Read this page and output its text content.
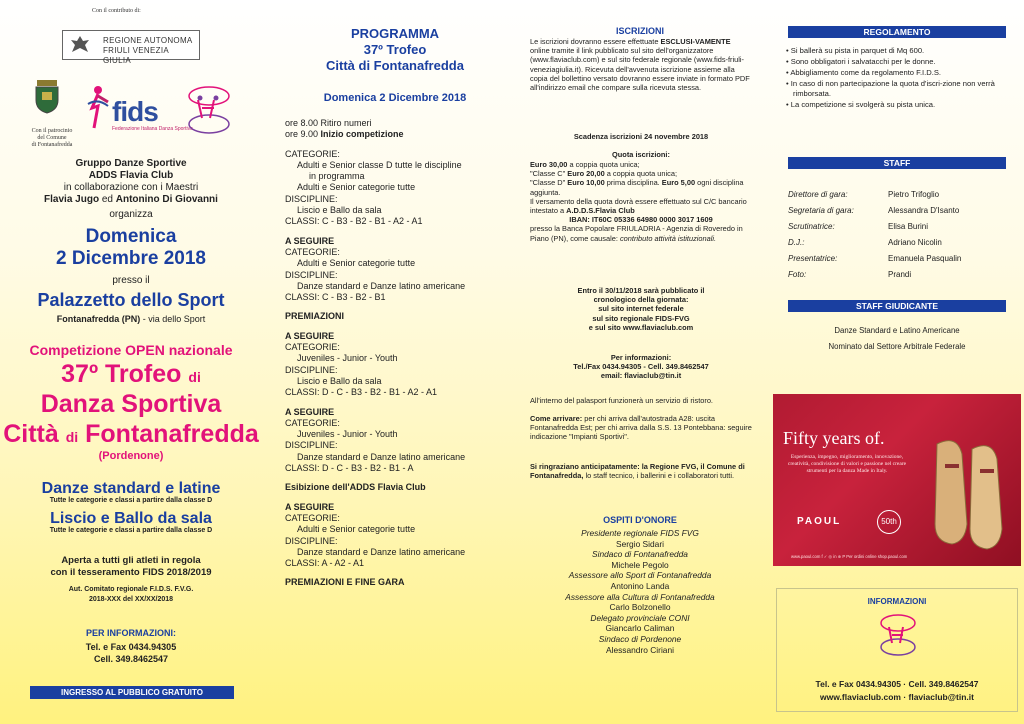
Con il contributo di:
REGIONE AUTONOMA
FRIULI VENEZIA GIULIA
Con il patrocinio
del Comune
di Fontanafredda
fids
Federazione Italiana Danza Sportiva
Gruppo Danze Sportive
ADDS Flavia Club
in collaborazione con i Maestri
Flavia Jugo ed Antonino Di Giovanni
organizza
Domenica
2 Dicembre 2018
presso il
Palazzetto dello Sport
Fontanafredda (PN) - via dello Sport
Competizione OPEN nazionale
37º Trofeo di
Danza Sportiva
Città di Fontanafredda
(Pordenone)
Danze standard e latine
Tutte le categorie e classi a partire dalla classe D
Liscio e Ballo da sala
Tutte le categorie e classi a partire dalla classe D
Aperta a tutti gli atleti in regola
con il tesseramento FIDS 2018/2019
Aut. Comitato regionale F.I.D.S. F.V.G.
2018-XXX del XX/XX/2018
PER INFORMAZIONI:
Tel. e Fax 0434.94305
Cell. 349.8462547
INGRESSO AL PUBBLICO GRATUITO
PROGRAMMA
37º Trofeo
Città di Fontanafredda
Domenica 2 Dicembre 2018
ore 8.00 Ritiro numeri
ore 9.00 Inizio competizione
CATEGORIE:
Adulti e Senior classe D tutte le discipline
in programma
Adulti e Senior categorie tutte
DISCIPLINE:
Liscio e Ballo da sala
CLASSI: C - B3 - B2 - B1 - A2 - A1
A SEGUIRE
CATEGORIE:
Adulti e Senior categorie tutte
DISCIPLINE:
Danze standard e Danze latino americane
CLASSI: C - B3 - B2 - B1
PREMIAZIONI
A SEGUIRE
CATEGORIE:
Juveniles - Junior - Youth
DISCIPLINE:
Liscio e Ballo da sala
CLASSI: D - C - B3 - B2 - B1 - A2 - A1
A SEGUIRE
CATEGORIE:
Juveniles - Junior - Youth
DISCIPLINE:
Danze standard e Danze latino americane
CLASSI: D - C - B3 - B2 - B1 - A
Esibizione dell'ADDS Flavia Club
A SEGUIRE
CATEGORIE:
Adulti e Senior categorie tutte
DISCIPLINE:
Danze standard e Danze latino americane
CLASSI: A - A2 - A1
PREMIAZIONI E FINE GARA
ISCRIZIONI
Le iscrizioni dovranno essere effettuate ESCLUSI-VAMENTE online tramite il link pubblicato sul sito dell'organizzatore (www.flaviaclub.com) e sul sito federale regionale (www.fids-friuli-veneziagiulia.it). Ricevuta dell'avvenuta iscrizione assieme alla copia del bollettino versato dovranno essere inviate in formato PDF all'indirizzo email che compare sulla ricevuta stessa.
Scadenza iscrizioni 24 novembre 2018
Quota iscrizioni:
Euro 30,00 a coppia quota unica;
"Classe C" Euro 20,00 a coppia quota unica;
"Classe D" Euro 10,00 prima disciplina. Euro 5,00 ogni disciplina aggiunta.
Il versamento della quota dovrà essere effettuato sul C/C bancario intestato a A.D.D.S.Flavia Club
IBAN: IT60C 05336 64980 0000 3017 1609
presso la Banca Popolare FRIULADRIA - Agenzia di Roveredo in Piano (PN), come causale: contributo attività istituzionali.
Entro il 30/11/2018 sarà pubblicato il
cronologico della giornata:
sul sito internet federale
sul sito regionale FIDS-FVG
e sul sito www.flaviaclub.com
Per informazioni:
Tel./Fax 0434.94305 - Cell. 349.8462547
email: flaviaclub@tin.it
All'interno del palasport funzionerà un servizio di ristoro.
Come arrivare: per chi arriva dall'autostrada A28: uscita Fontanafredda Est; per chi arriva dalla S.S. 13 Pontebbana: seguire indicazione "Impianti Sportivi".
Si ringraziano anticipatamente: la Regione FVG, il Comune di Fontanafredda, lo staff tecnico, i ballerini e i collaboratori tutti.
OSPITI D'ONORE
Presidente regionale FIDS FVG
Sergio Sidari
Sindaco di Fontanafredda
Michele Pegolo
Assessore allo Sport di Fontanafredda
Antonino Landa
Assessore alla Cultura di Fontanafredda
Carlo Bolzonello
Delegato provinciale CONI
Giancarlo Caliman
Sindaco di Pordenone
Alessandro Ciriani
REGOLAMENTO
• Si ballerà su pista in parquet di Mq 600.
• Sono obbligatori i salvatacchi per le donne.
• Abbigliamento come da regolamento F.I.D.S.
• In caso di non partecipazione la quota d'iscri-zione non verrà rimborsata.
• La competizione si svolgerà su pista unica.
STAFF
Direttore di gara:	Pietro Trifoglio
Segretaria di gara:	Alessandra D'Isanto
Scrutinatrice:	Elisa Burini
D.J.:	Adriano Nicolin
Presentatrice:	Emanuela Pasqualin
Foto:	Prandi
STAFF GIUDICANTE
Danze Standard e Latino Americane
Nominato dal Settore Arbitrale Federale
Fifty years of.
Esperienza, impegno, miglioramento, innovazione, creatività, condivisione di valori e passione nel creare strumenti per la danza Made in Italy.
PAOUL	50th
www.paoul.com f ✓ ◎ in ⊕ P Per ordini online shop.paoul.com
INFORMAZIONI
Tel. e Fax 0434.94305 · Cell. 349.8462547
www.flaviaclub.com · flaviaclub@tin.it
